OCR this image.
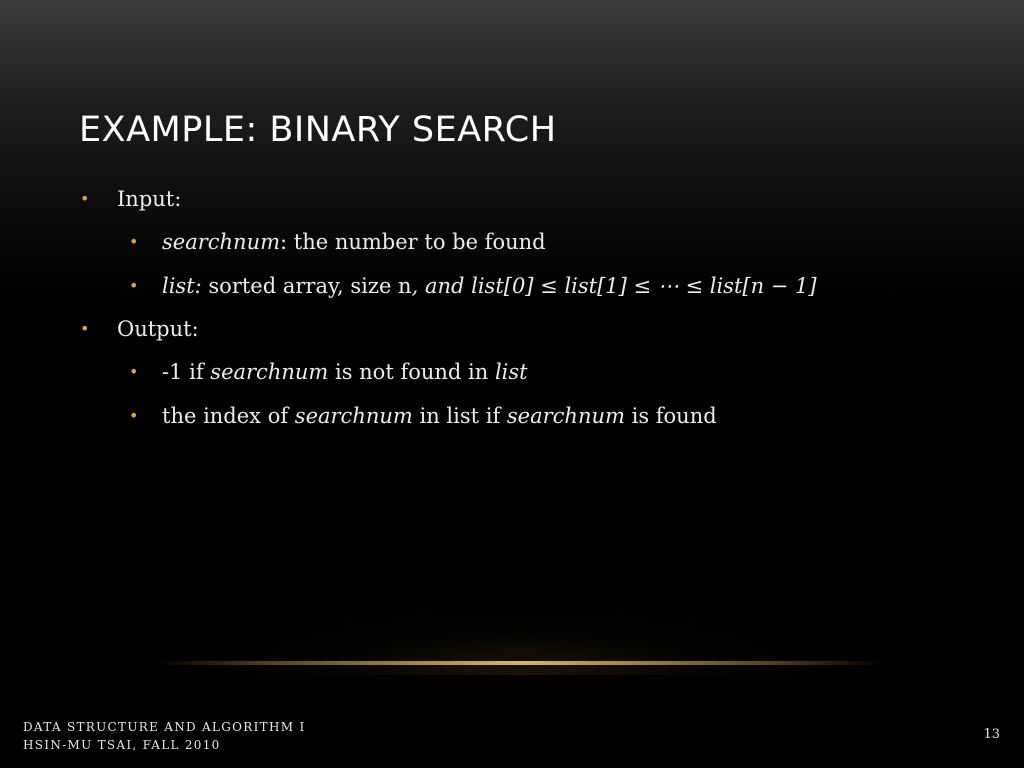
EXAMPLE: BINARY SEARCH
• Input:
• searchnum: the number to be found
• list: sorted array, size n, and list[0] ≤ list[1] ≤ ⋯ ≤ list[n − 1]
• Output:
• -1 if searchnum is not found in list
• the index of searchnum in list if searchnum is found
DATA STRUCTURE AND ALGORITHM I
HSIN-MU TSAI, FALL 2010
13
